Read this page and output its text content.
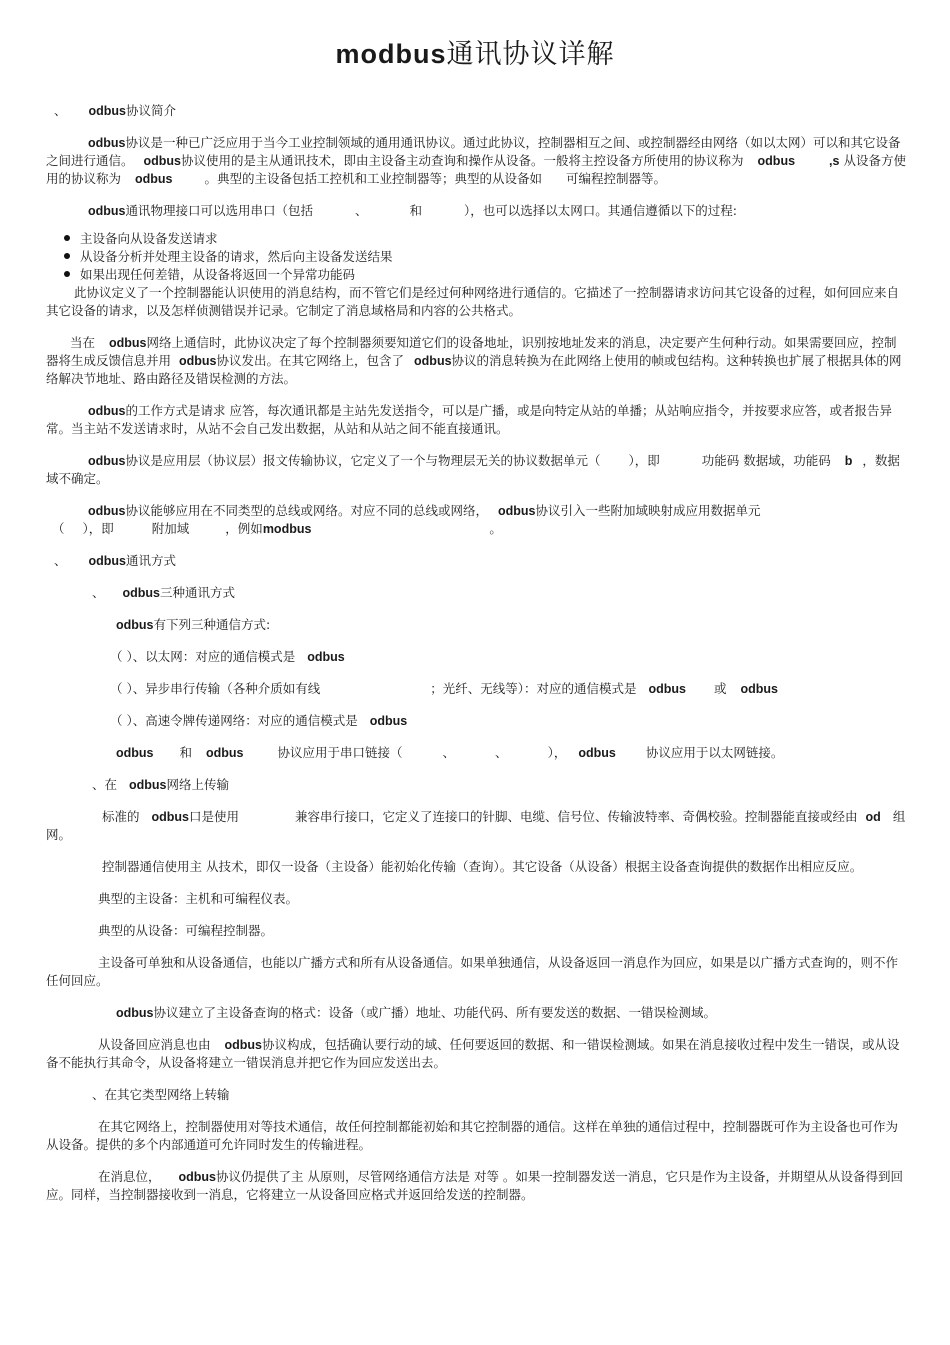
modbus通讯协议详解

、 odbus协议简介

odbus协议是一种已广泛应用于当今工业控制领域的通用通讯协议。通过此协议，控制器相互之间、或控制器经由网络（如以太网）可以和其它设备之间进行通信。 odbus协议使用的是主从通讯技术，即由主设备主动查询和操作从设备。一般将主控设备方所使用的协议称为 odbus	,s 从设备方使用的协议称为 odbus	。典型的主设备包括工控机和工业控制器等；典型的从设备如 可编程控制器等。

odbus通讯物理接口可以选用串口（包括	、	和	），也可以选择以太网口。其通信遵循以下的过程:

主设备向从设备发送请求
从设备分析并处理主设备的请求，然后向主设备发送结果
如果出现任何差错，从设备将返回一个异常功能码

此协议定义了一个控制器能认识使用的消息结构，而不管它们是经过何种网络进行通信的。它描述了一控制器请求访问其它设备的过程，如何回应来自其它设备的请求，以及怎样侦测错误并记录。它制定了消息域格局和内容的公共格式。

当在 odbus网络上通信时，此协议决定了每个控制器须要知道它们的设备地址，识别按地址发来的消息，决定要产生何种行动。如果需要回应，控制器将生成反馈信息并用 odbus协议发出。在其它网络上，包含了 odbus协议的消息转换为在此网络上使用的帧或包结构。这种转换也扩展了根据具体的网络解决节地址、路由路径及错误检测的方法。

odbus的工作方式是请求 应答，每次通讯都是主站先发送指令，可以是广播，或是向特定从站的单播；从站响应指令，并按要求应答，或者报告异常。当主站不发送请求时，从站不会自己发出数据，从站和从站之间不能直接通讯。

odbus协议是应用层（协议层）报文传输协议，它定义了一个与物理层无关的协议数据单元（ ），即	功能码 数据域，功能码 b ，数据域不确定。

odbus协议能够应用在不同类型的总线或网络。对应不同的总线或网络， odbus协议引入一些附加域映射成应用数据单元
（ ），即	附加域	，例如modbus	。

、 odbus通讯方式

、 odbus三种通讯方式

odbus有下列三种通信方式:

（ ）、以太网：对应的通信模式是 odbus

（ ）、异步串行传输（各种介质如有线	；光纤、无线等）：对应的通信模式是 odbus 或 odbus

（ ）、高速令牌传递网络：对应的通信模式是 odbus

odbus 和 odbus	协议应用于串口链接（	、	、	）， odbus 协议应用于以太网链接。

、在 odbus网络上传输

标准的 odbus口是使用	兼容串行接口，它定义了连接口的针脚、电缆、信号位、传输波特率、奇偶校验。控制器能直接或经由 od 组网。

控制器通信使用主 从技术，即仅一设备（主设备）能初始化传输（查询）。其它设备（从设备）根据主设备查询提供的数据作出相应反应。

典型的主设备：主机和可编程仪表。

典型的从设备：可编程控制器。

主设备可单独和从设备通信，也能以广播方式和所有从设备通信。如果单独通信，从设备返回一消息作为回应，如果是以广播方式查询的，则不作任何回应。

odbus协议建立了主设备查询的格式：设备（或广播）地址、功能代码、所有要发送的数据、一错误检测域。

从设备回应消息也由 odbus协议构成，包括确认要行动的域、任何要返回的数据、和一错误检测域。如果在消息接收过程中发生一错误，或从设备不能执行其命令，从设备将建立一错误消息并把它作为回应发送出去。

、在其它类型网络上转输

在其它网络上，控制器使用对等技术通信，故任何控制都能初始和其它控制器的通信。这样在单独的通信过程中，控制器既可作为主设备也可作为从设备。提供的多个内部通道可允许同时发生的传输进程。

在消息位， odbus协议仍提供了主 从原则，尽管网络通信方法是 对等 。如果一控制器发送一消息，它只是作为主设备，并期望从从设备得到回应。同样，当控制器接收到一消息，它将建立一从设备回应格式并返回给发送的控制器。
